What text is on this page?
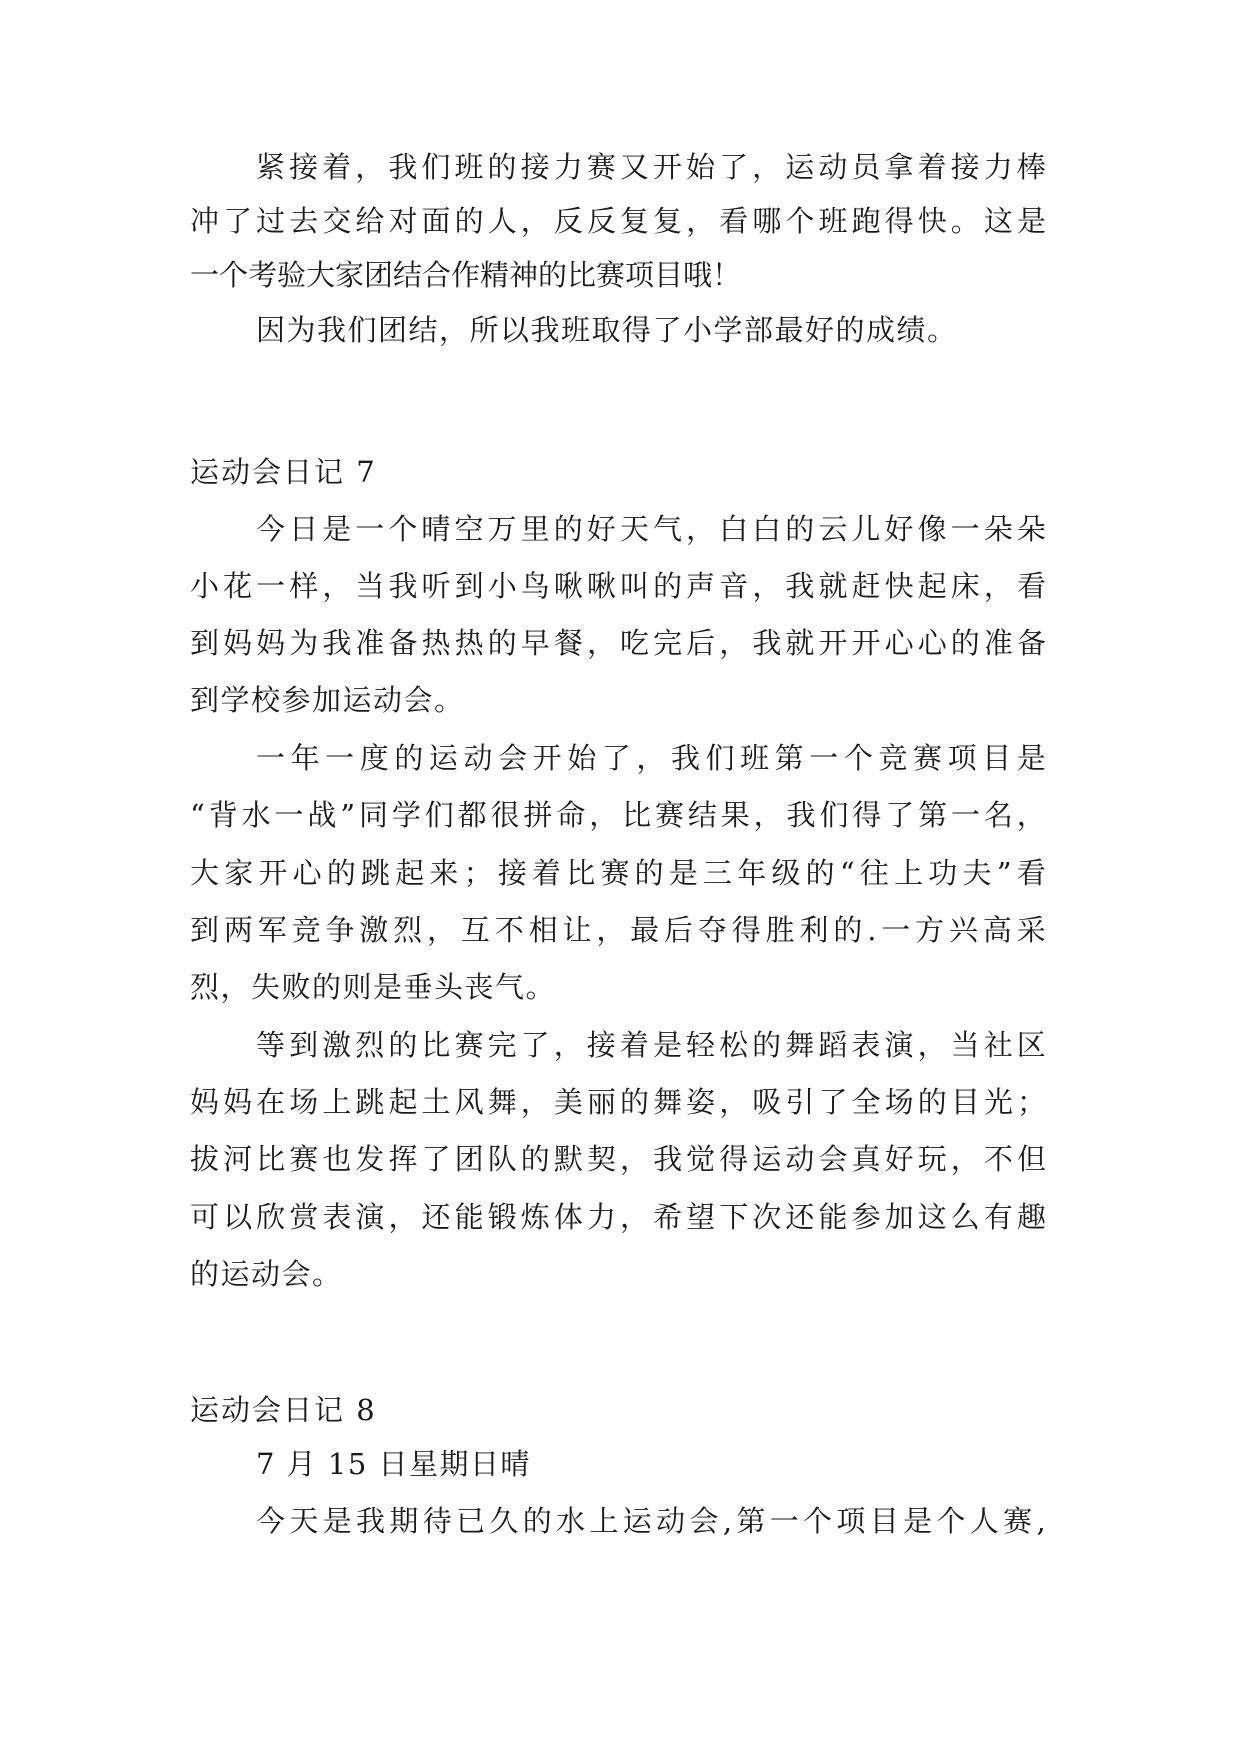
紧 接 着 ， 我 们 班 的 接 力 赛 又 开 始 了 ， 运 动 员 拿 着 接 力 棒
冲 了 过 去 交 给 对 面 的 人 ， 反 反 复 复 ， 看 哪 个 班 跑 得 快 。 这 是
一个考验大家团结合作精神的比赛项目哦！
因为我们团结，所以我班取得了小学部最好的成绩。
运动会日记 7
今 日 是 一 个 晴 空 万 里 的 好 天 气 ， 白 白 的 云 儿 好 像 一 朵 朵
小 花 一 样 ， 当 我 听 到 小 鸟 啾 啾 叫 的 声 音 ， 我 就 赶 快 起 床 ， 看
到 妈 妈 为 我 准 备 热 热 的 早 餐 ， 吃 完 后 ， 我 就 开 开 心 心 的 准 备
到学校参加运动会。
一 年 一 度 的 运 动 会 开 始 了 ， 我 们 班 第 一 个 竞 赛 项 目 是
“ 背 水 一 战 ” 同 学 们 都 很 拼 命 ， 比 赛 结 果 ， 我 们 得 了 第 一 名 ，
大 家 开 心 的 跳 起 来 ； 接 着 比 赛 的 是 三 年 级 的 “ 往 上 功 夫 ” 看
到 两 军 竞 争 激 烈 ， 互 不 相 让 ， 最 后 夺 得 胜 利 的 . 一 方 兴 高 采
烈，失败的则是垂头丧气。
等 到 激 烈 的 比 赛 完 了 ， 接 着 是 轻 松 的 舞 蹈 表 演 ， 当 社 区
妈 妈 在 场 上 跳 起 土 风 舞 ， 美 丽 的 舞 姿 ， 吸 引 了 全 场 的 目 光 ；
拔 河 比 赛 也 发 挥 了 团 队 的 默 契 ， 我 觉 得 运 动 会 真 好 玩 ， 不 但
可 以 欣 赏 表 演 ， 还 能 锻 炼 体 力 ， 希 望 下 次 还 能 参 加 这 么 有 趣
的运动会。
运动会日记 8
7 月 15 日星期日晴
今 天 是 我 期 待 已 久 的 水 上 运 动 会 , 第 一 个 项 目 是 个 人 赛 ,
